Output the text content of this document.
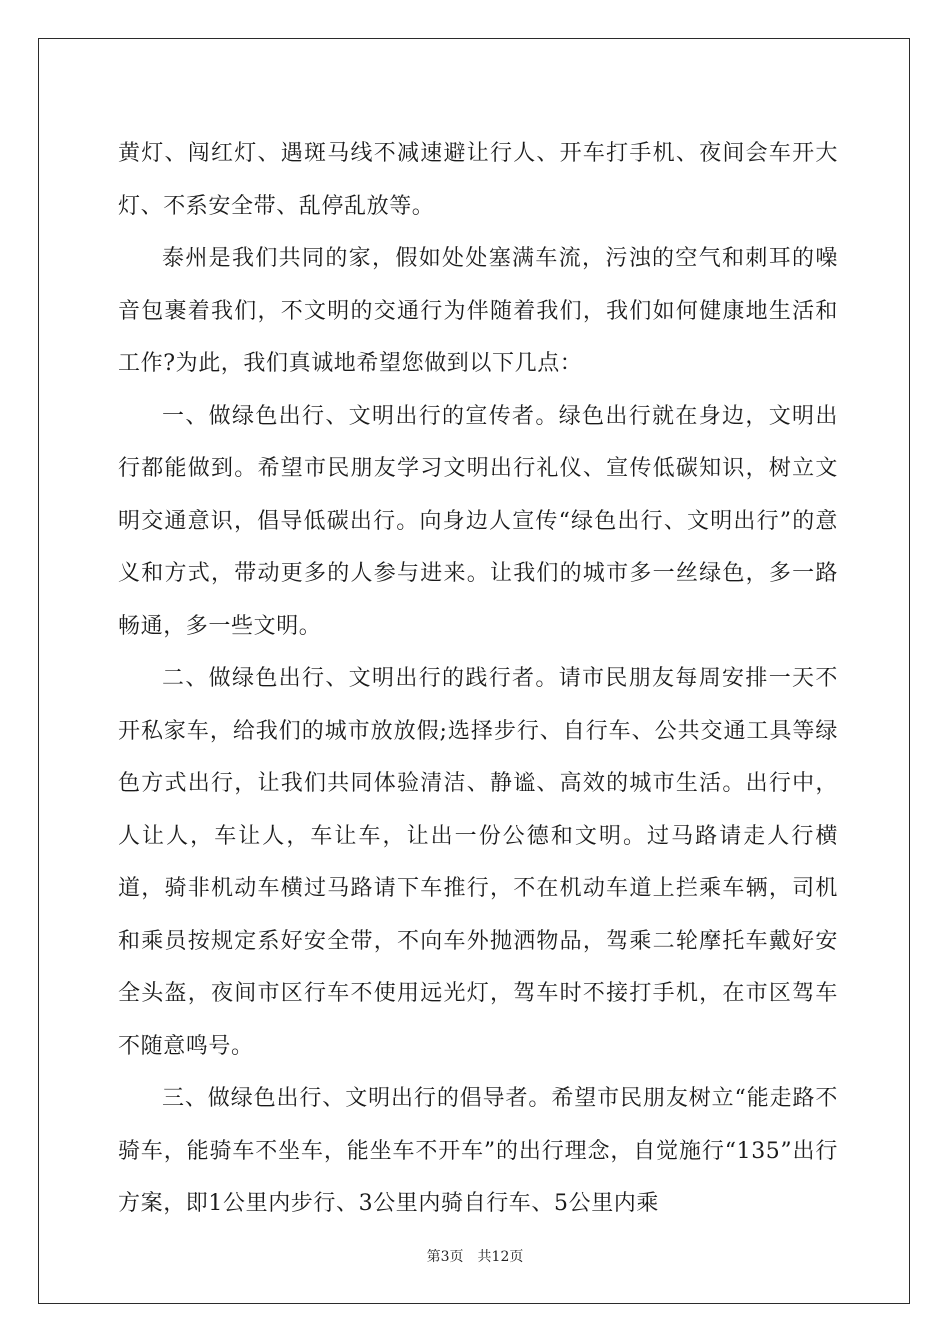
黄灯、闯红灯、遇斑马线不减速避让行人、开车打手机、夜间会车开大灯、不系安全带、乱停乱放等。

泰州是我们共同的家，假如处处塞满车流，污浊的空气和刺耳的噪音包裹着我们，不文明的交通行为伴随着我们，我们如何健康地生活和工作?为此，我们真诚地希望您做到以下几点：

一、做绿色出行、文明出行的宣传者。绿色出行就在身边，文明出行都能做到。希望市民朋友学习文明出行礼仪、宣传低碳知识，树立文明交通意识，倡导低碳出行。向身边人宣传“绿色出行、文明出行”的意义和方式，带动更多的人参与进来。让我们的城市多一丝绿色，多一路畅通，多一些文明。

二、做绿色出行、文明出行的践行者。请市民朋友每周安排一天不开私家车，给我们的城市放放假;选择步行、自行车、公共交通工具等绿色方式出行，让我们共同体验清洁、静谧、高效的城市生活。出行中，人让人，车让人，车让车，让出一份公德和文明。过马路请走人行横道，骑非机动车横过马路请下车推行，不在机动车道上拦乘车辆，司机和乘员按规定系好安全带，不向车外抛洒物品，驾乘二轮摩托车戴好安全头盔，夜间市区行车不使用远光灯，驾车时不接打手机，在市区驾车不随意鸣号。

三、做绿色出行、文明出行的倡导者。希望市民朋友树立“能走路不骑车，能骑车不坐车，能坐车不开车”的出行理念，自觉施行“135”出行方案，即1公里内步行、3公里内骑自行车、5公里内乘

第3页 共12页
